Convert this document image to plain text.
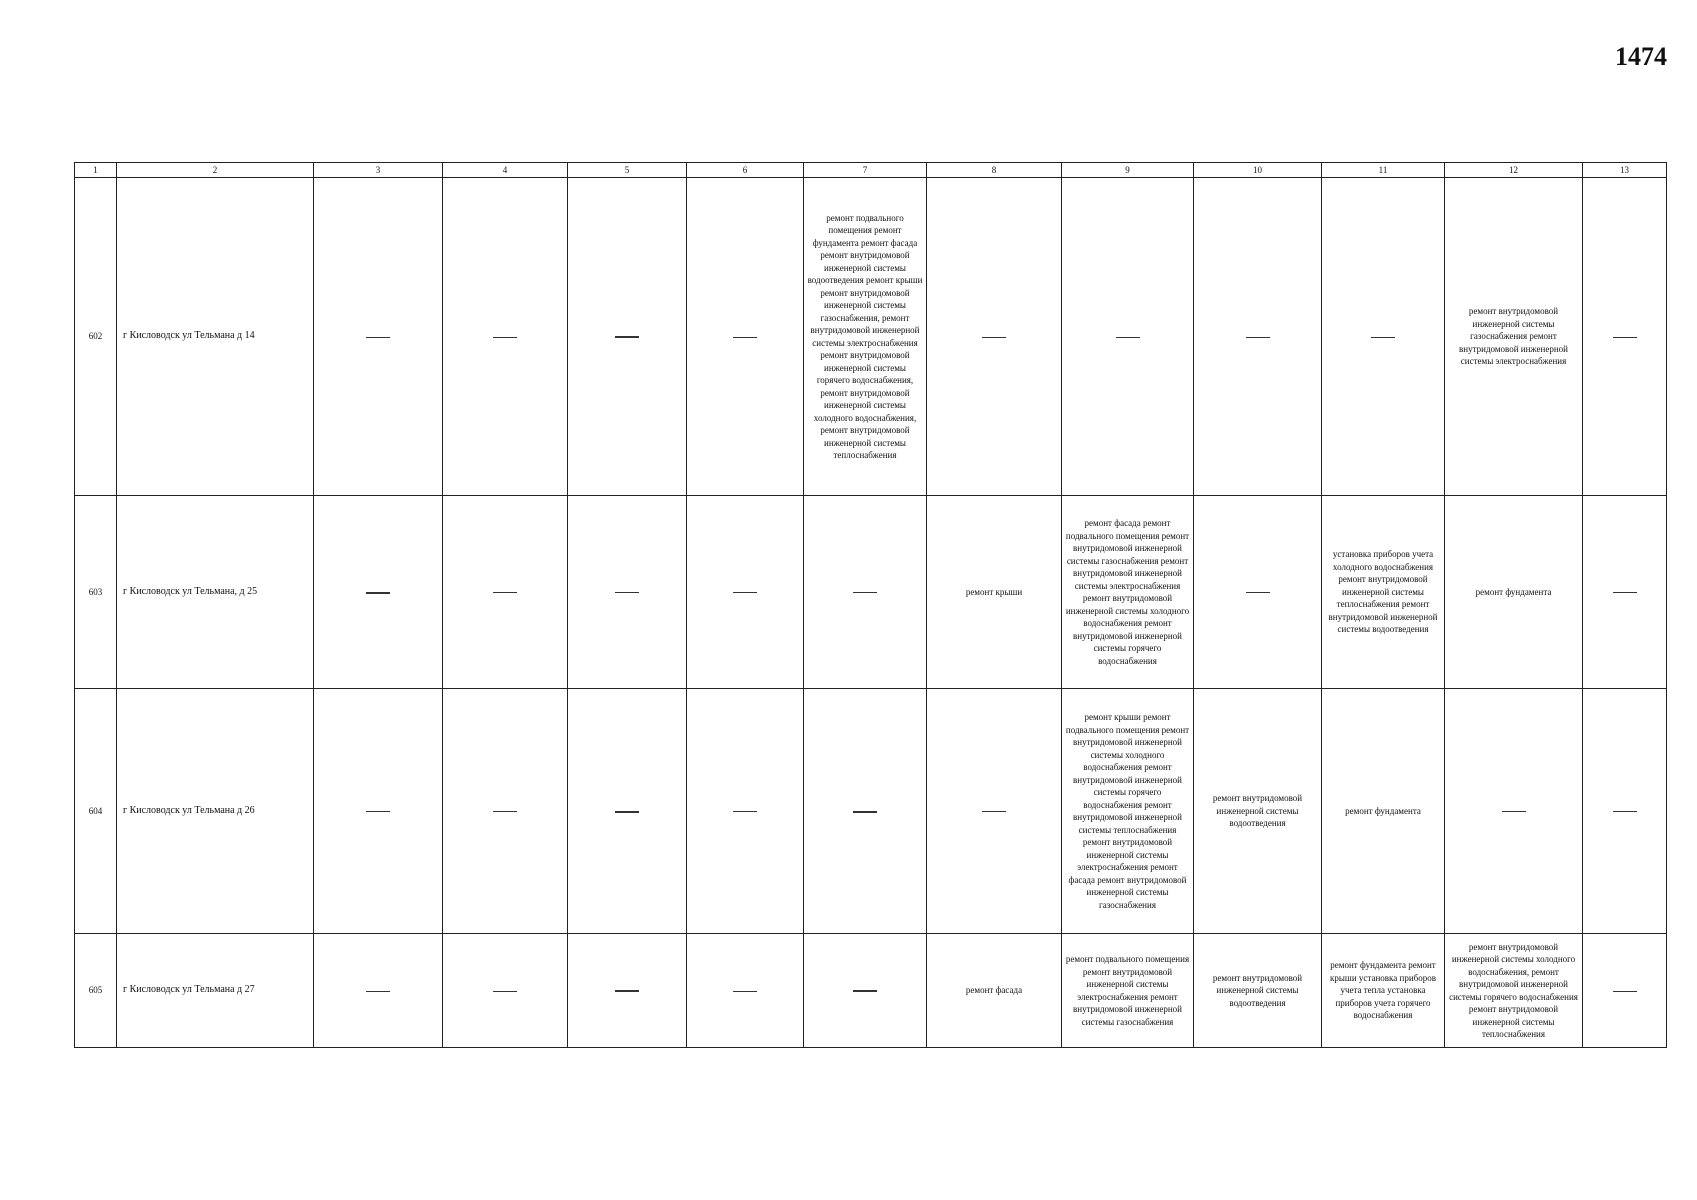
1474
1	2	3	4	5	6	7	8	9	10	11	12	13
602	г Кисловодск ул Тельмана д 14					ремонт подвального помещения ремонт фундамента ремонт фасада ремонт внутридомовой инженерной системы водоотведения ремонт крыши ремонт внутридомовой инженерной системы газоснабжения, ремонт внутридомовой инженерной системы электроснабжения ремонт внутридомовой инженерной системы горячего водоснабжения, ремонт внутридомовой инженерной системы холодного водоснабжения, ремонт внутридомовой инженерной системы теплоснабжения					ремонт внутридомовой инженерной системы газоснабжения ремонт внутридомовой инженерной системы электроснабжения

603	г Кисловодск ул Тельмана, д 25						ремонт крыши	ремонт фасада ремонт подвального помещения ремонт внутридомовой инженерной системы газоснабжения ремонт внутридомовой инженерной системы электроснабжения ремонт внутридомовой инженерной системы холодного водоснабжения ремонт внутридомовой инженерной системы горячего водоснабжения		установка приборов учета холодного водоснабжения ремонт внутридомовой инженерной системы теплоснабжения ремонт внутридомовой инженерной системы водоотведения	ремонт фундамента

604	г Кисловодск ул Тельмана д 26							ремонт крыши ремонт подвального помещения ремонт внутридомовой инженерной системы холодного водоснабжения ремонт внутридомовой инженерной системы горячего водоснабжения ремонт внутридомовой инженерной системы теплоснабжения ремонт внутридомовой инженерной системы электроснабжения ремонт фасада ремонт внутридомовой инженерной системы газоснабжения	ремонт внутридомовой инженерной системы водоотведения	ремонт фундамента

605	г Кисловодск ул Тельмана д 27						ремонт фасада	ремонт подвального помещения ремонт внутридомовой инженерной системы электроснабжения ремонт внутридомовой инженерной системы газоснабжения	ремонт внутридомовой инженерной системы водоотведения	ремонт фундамента ремонт крыши установка приборов учета тепла установка приборов учета горячего водоснабжения	ремонт внутридомовой инженерной системы холодного водоснабжения, ремонт внутридомовой инженерной системы горячего водоснабжения ремонт внутридомовой инженерной системы теплоснабжения
